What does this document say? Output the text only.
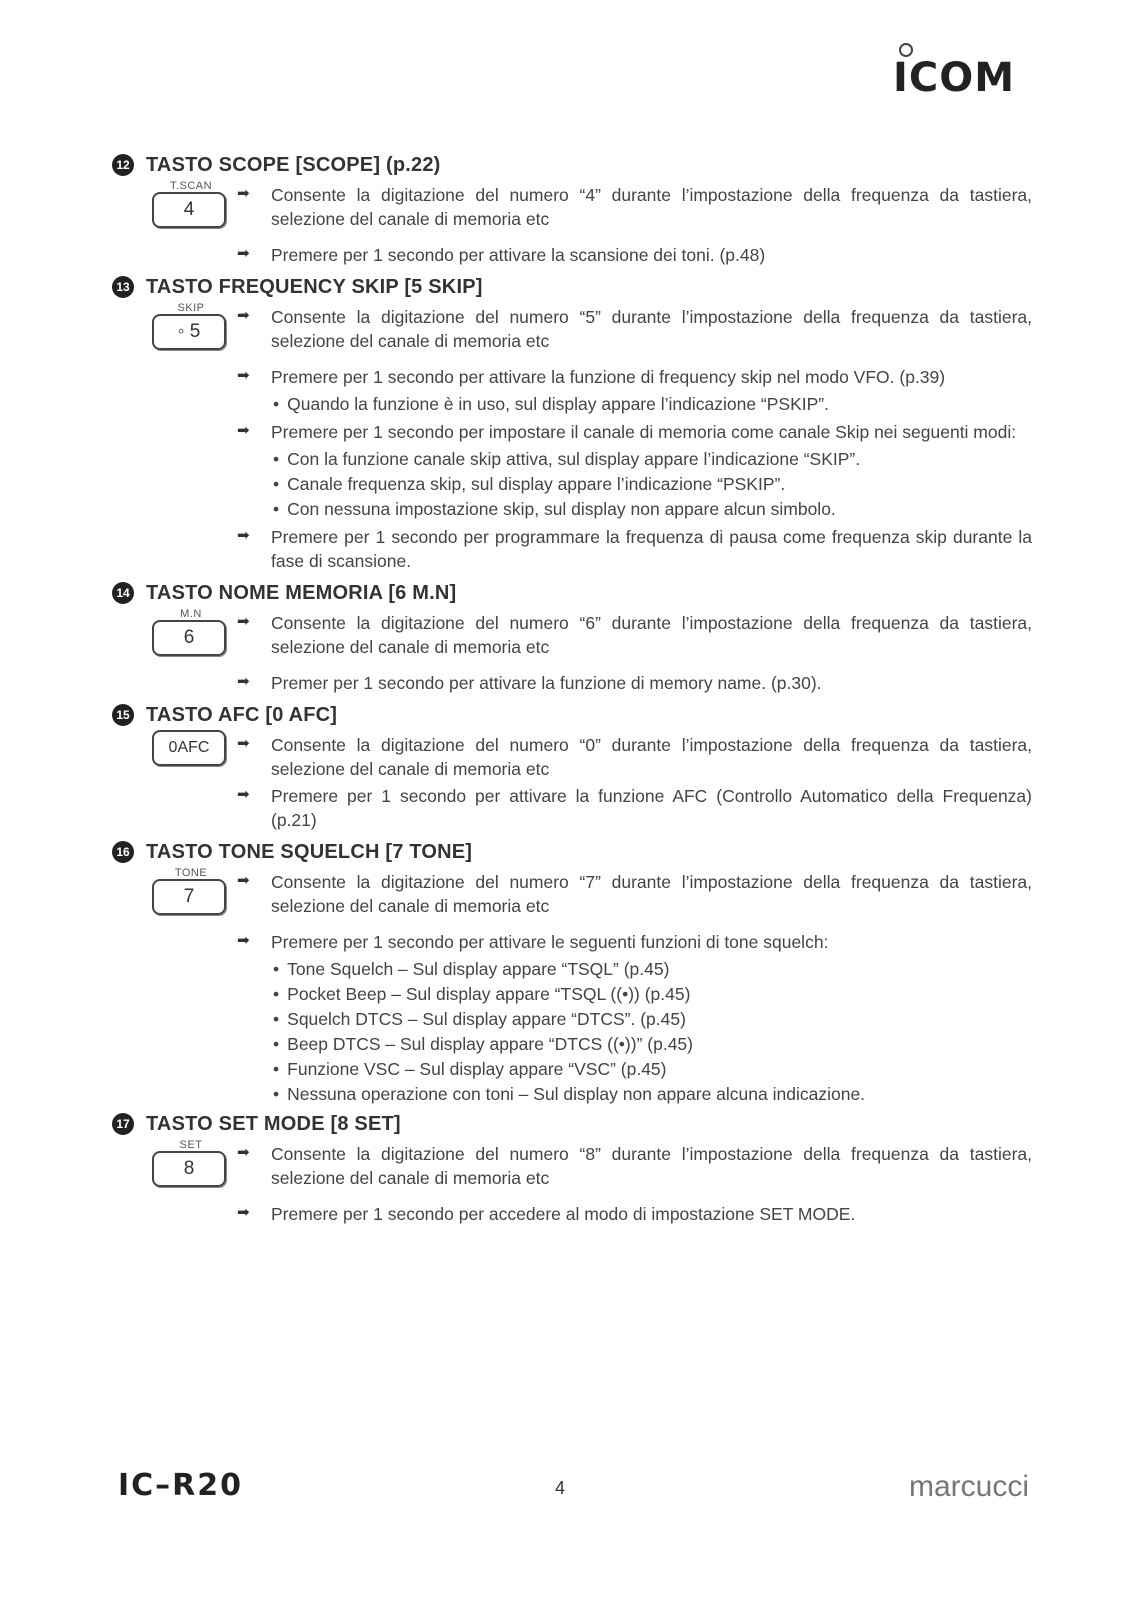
ICOM
12 TASTO SCOPE [SCOPE] (p.22)
T.SCAN
4
➡	Consente la digitazione del numero “4” durante l’impostazione della frequenza da tastiera, selezione del canale di memoria etc
➡	Premere per 1 secondo per attivare la scansione dei toni. (p.48)
13 TASTO FREQUENCY SKIP [5 SKIP]
SKIP
◦ 5
➡	Consente la digitazione del numero “5” durante l’impostazione della frequenza da tastiera, selezione del canale di memoria etc
➡	Premere per 1 secondo per attivare la funzione di frequency skip nel modo VFO. (p.39)
• Quando la funzione è in uso, sul display appare l’indicazione “PSKIP”.
➡	Premere per 1 secondo per impostare il canale di memoria come canale Skip nei seguenti modi:
• Con la funzione canale skip attiva, sul display appare l’indicazione “SKIP”.
• Canale frequenza skip, sul display appare l’indicazione “PSKIP”.
• Con nessuna impostazione skip, sul display non appare alcun simbolo.
➡	Premere per 1 secondo per programmare la frequenza di pausa come frequenza skip durante la fase di scansione.
14 TASTO NOME MEMORIA [6 M.N]
M.N
6
➡	Consente la digitazione del numero “6” durante l’impostazione della frequenza da tastiera, selezione del canale di memoria etc
➡	Premer per 1 secondo per attivare la funzione di memory name. (p.30).
15 TASTO AFC [0 AFC]
0AFC	➡	Consente la digitazione del numero “0” durante l’impostazione della frequenza da tastiera, selezione del canale di memoria etc
➡	Premere per 1 secondo per attivare la funzione AFC (Controllo Automatico della Frequenza) (p.21)
16 TASTO TONE SQUELCH [7 TONE]
TONE
7
➡	Consente la digitazione del numero “7” durante l’impostazione della frequenza da tastiera, selezione del canale di memoria etc
➡	Premere per 1 secondo per attivare le seguenti funzioni di tone squelch:
• Tone Squelch – Sul display appare “TSQL” (p.45)
• Pocket Beep – Sul display appare “TSQL ((•)) (p.45)
• Squelch DTCS – Sul display appare “DTCS”. (p.45)
• Beep DTCS – Sul display appare “DTCS ((•))” (p.45)
• Funzione VSC – Sul display appare “VSC” (p.45)
• Nessuna operazione con toni – Sul display non appare alcuna indicazione.
17 TASTO SET MODE [8 SET]
SET
8
➡	Consente la digitazione del numero “8” durante l’impostazione della frequenza da tastiera, selezione del canale di memoria etc
➡	Premere per 1 secondo per accedere al modo di impostazione SET MODE.
IC–R20	4	marcucci
